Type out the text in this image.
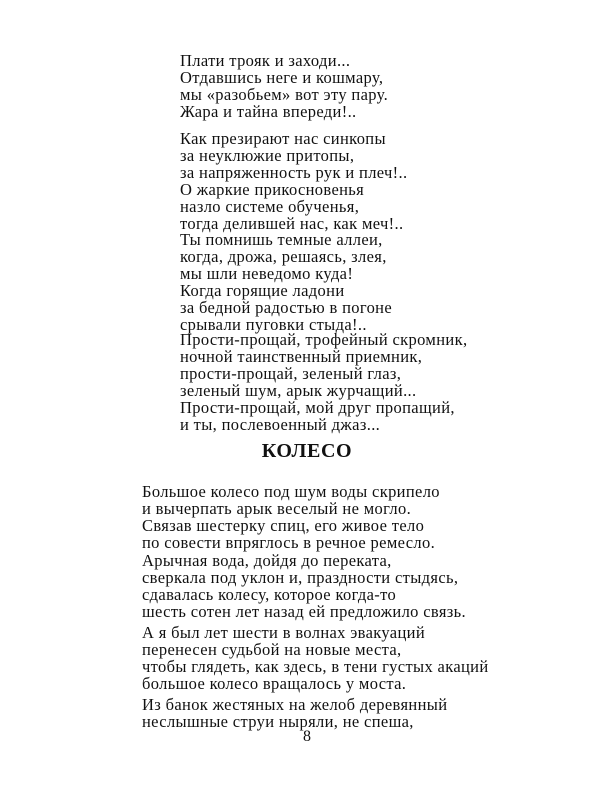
Плати трояк и заходи...
Отдавшись неге и кошмару,
мы «разобьем» вот эту пару.
Жара и тайна впереди!..
Как презирают нас синкопы
за неуклюжие притопы,
за напряженность рук и плеч!..
О жаркие прикосновенья
назло системе обученья,
тогда делившей нас, как меч!..
Ты помнишь темные аллеи,
когда, дрожа, решаясь, злея,
мы шли неведомо куда!
Когда горящие ладони
за бедной радостью в погоне
срывали пуговки стыда!..
Прости-прощай, трофейный скромник,
ночной таинственный приемник,
прости-прощай, зеленый глаз,
зеленый шум, арык журчащий...
Прости-прощай, мой друг пропащий,
и ты, послевоенный джаз...
КОЛЕСО
Большое колесо под шум воды скрипело
и вычерпать арык веселый не могло.
Связав шестерку спиц, его живое тело
по совести впряглось в речное ремесло.
Арычная вода, дойдя до переката,
сверкала под уклон и, праздности стыдясь,
сдавалась колесу, которое когда-то
шесть сотен лет назад ей предложило связь.
А я был лет шести в волнах эвакуаций
перенесен судьбой на новые места,
чтобы глядеть, как здесь, в тени густых акаций
большое колесо вращалось у моста.
Из банок жестяных на желоб деревянный
неслышные струи ныряли, не спеша,
8
